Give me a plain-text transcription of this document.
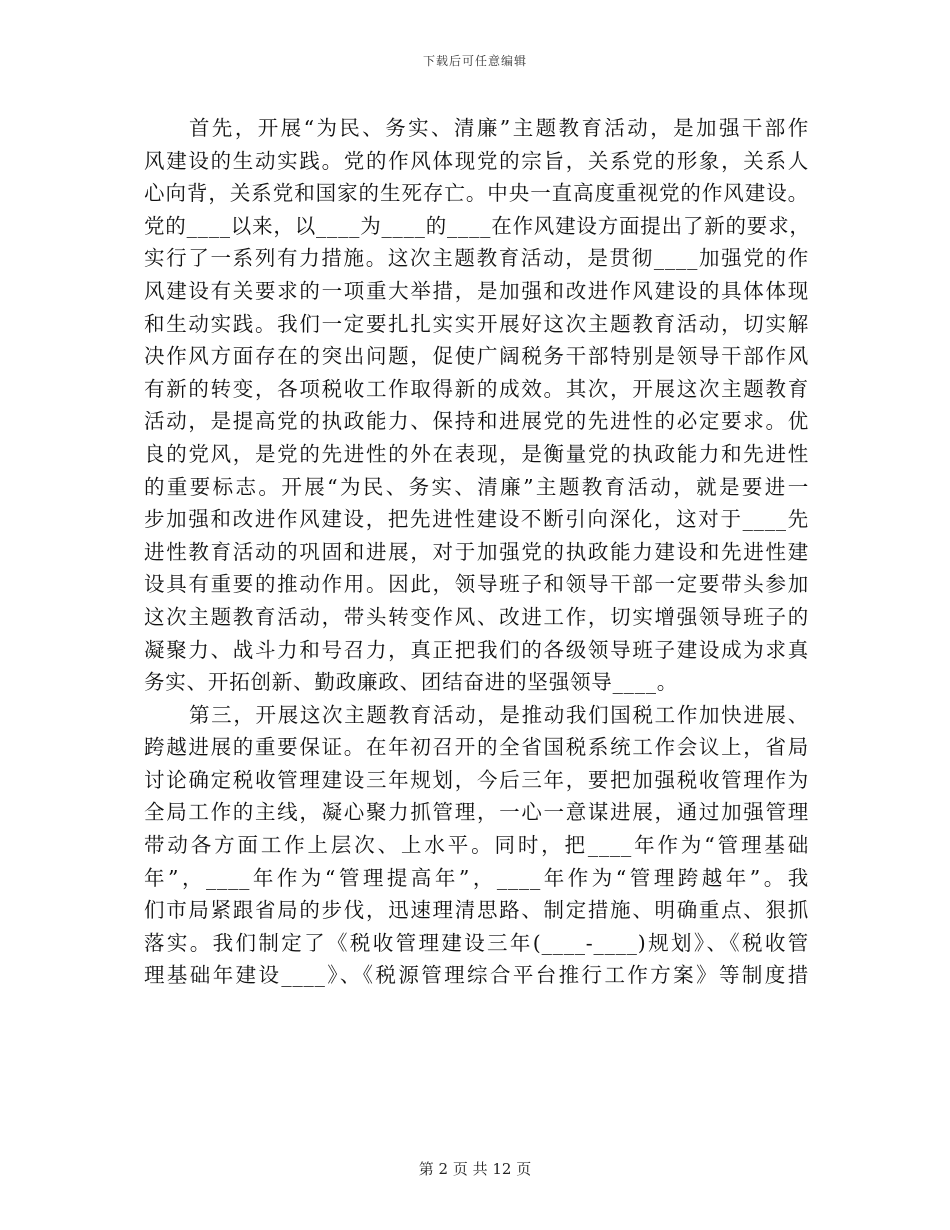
下载后可任意编辑
首先，开展“为民、务实、清廉”主题教育活动，是加强干部作
风建设的生动实践。党的作风体现党的宗旨，关系党的形象，关系人
心向背，关系党和国家的生死存亡。中央一直高度重视党的作风建设。
党的____以来，以____为____的____在作风建设方面提出了新的要求，
实行了一系列有力措施。这次主题教育活动，是贯彻____加强党的作
风建设有关要求的一项重大举措，是加强和改进作风建设的具体体现
和生动实践。我们一定要扎扎实实开展好这次主题教育活动，切实解
决作风方面存在的突出问题，促使广阔税务干部特别是领导干部作风
有新的转变，各项税收工作取得新的成效。其次，开展这次主题教育
活动，是提高党的执政能力、保持和进展党的先进性的必定要求。优
良的党风，是党的先进性的外在表现，是衡量党的执政能力和先进性
的重要标志。开展“为民、务实、清廉”主题教育活动，就是要进一
步加强和改进作风建设，把先进性建设不断引向深化，这对于____先
进性教育活动的巩固和进展，对于加强党的执政能力建设和先进性建
设具有重要的推动作用。因此，领导班子和领导干部一定要带头参加
这次主题教育活动，带头转变作风、改进工作，切实增强领导班子的
凝聚力、战斗力和号召力，真正把我们的各级领导班子建设成为求真
务实、开拓创新、勤政廉政、团结奋进的坚强领导____。
第三，开展这次主题教育活动，是推动我们国税工作加快进展、
跨越进展的重要保证。在年初召开的全省国税系统工作会议上，省局
讨论确定税收管理建设三年规划，今后三年，要把加强税收管理作为
全局工作的主线，凝心聚力抓管理，一心一意谋进展，通过加强管理
带动各方面工作上层次、上水平。同时，把____年作为“管理基础
年”，____年作为“管理提高年”，____年作为“管理跨越年”。我
们市局紧跟省局的步伐，迅速理清思路、制定措施、明确重点、狠抓
落实。我们制定了《税收管理建设三年(____-____)规划》、《税收管
理基础年建设____》、《税源管理综合平台推行工作方案》等制度措
第 2 页 共 12 页
